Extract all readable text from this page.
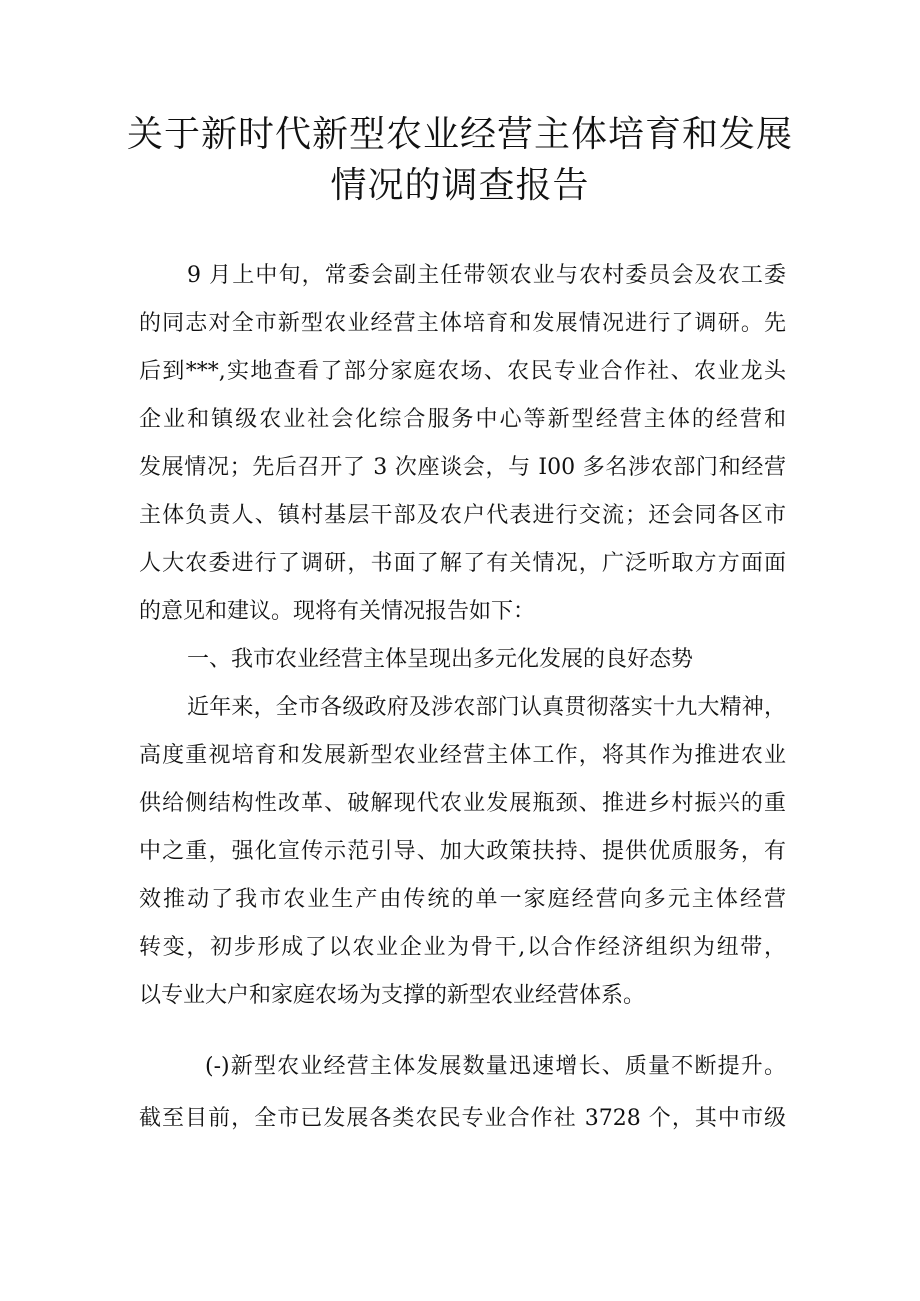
关于新时代新型农业经营主体培育和发展
情况的调查报告
9 月上中旬，常委会副主任带领农业与农村委员会及农工委
的同志对全市新型农业经营主体培育和发展情况进行了调研。先
后到***,实地查看了部分家庭农场、农民专业合作社、农业龙头
企业和镇级农业社会化综合服务中心等新型经营主体的经营和
发展情况；先后召开了 3 次座谈会，与 I00 多名涉农部门和经营
主体负责人、镇村基层干部及农户代表进行交流；还会同各区市
人大农委进行了调研，书面了解了有关情况，广泛听取方方面面
的意见和建议。现将有关情况报告如下：
一、我市农业经营主体呈现出多元化发展的良好态势
近年来，全市各级政府及涉农部门认真贯彻落实十九大精神，
高度重视培育和发展新型农业经营主体工作，将其作为推进农业
供给侧结构性改革、破解现代农业发展瓶颈、推进乡村振兴的重
中之重，强化宣传示范引导、加大政策扶持、提供优质服务，有
效推动了我市农业生产由传统的单一家庭经营向多元主体经营
转变，初步形成了以农业企业为骨干,以合作经济组织为纽带，
以专业大户和家庭农场为支撑的新型农业经营体系。
(-)新型农业经营主体发展数量迅速增长、质量不断提升。
截至目前，全市已发展各类农民专业合作社 3728 个，其中市级
